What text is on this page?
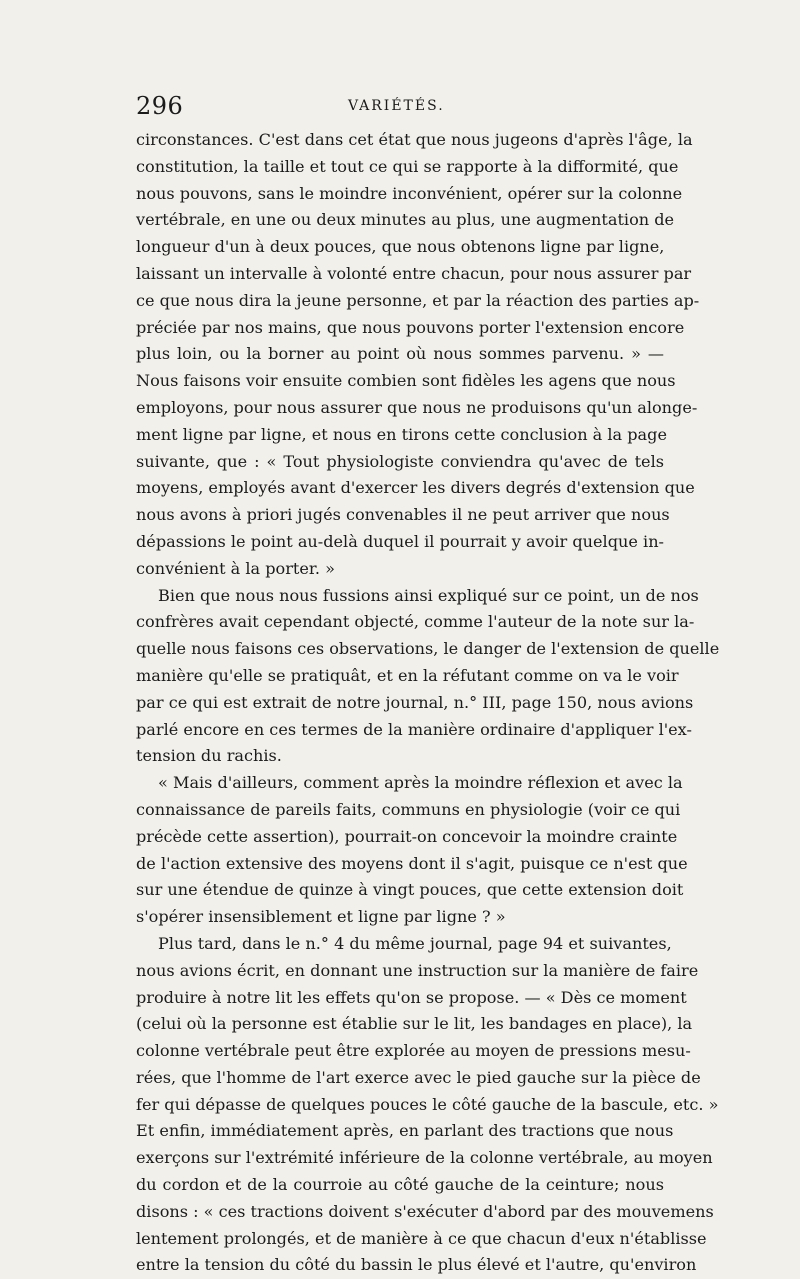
296	VARIÉTÉS.
circonstances. C'est dans cet état que nous jugeons d'après l'âge, la
constitution, la taille et tout ce qui se rapporte à la difformité, que
nous pouvons, sans le moindre inconvénient, opérer sur la colonne
vertébrale, en une ou deux minutes au plus, une augmentation de
longueur d'un à deux pouces, que nous obtenons ligne par ligne,
laissant un intervalle à volonté entre chacun, pour nous assurer par
ce que nous dira la jeune personne, et par la réaction des parties ap-
préciée par nos mains, que nous pouvons porter l'extension encore
plus loin, ou la borner au point où nous sommes parvenu. » —
Nous faisons voir ensuite combien sont fidèles les agens que nous
employons, pour nous assurer que nous ne produisons qu'un alonge-
ment ligne par ligne, et nous en tirons cette conclusion à la page
suivante, que : « Tout physiologiste conviendra qu'avec de tels
moyens, employés avant d'exercer les divers degrés d'extension que
nous avons à priori jugés convenables il ne peut arriver que nous
dépassions le point au-delà duquel il pourrait y avoir quelque in-
convénient à la porter. »
Bien que nous nous fussions ainsi expliqué sur ce point, un de nos
confrères avait cependant objecté, comme l'auteur de la note sur la-
quelle nous faisons ces observations, le danger de l'extension de quelle
manière qu'elle se pratiquât, et en la réfutant comme on va le voir
par ce qui est extrait de notre journal, n.° III, page 150, nous avions
parlé encore en ces termes de la manière ordinaire d'appliquer l'ex-
tension du rachis.
« Mais d'ailleurs, comment après la moindre réflexion et avec la
connaissance de pareils faits, communs en physiologie (voir ce qui
précède cette assertion), pourrait-on concevoir la moindre crainte
de l'action extensive des moyens dont il s'agit, puisque ce n'est que
sur une étendue de quinze à vingt pouces, que cette extension doit
s'opérer insensiblement et ligne par ligne ? »
Plus tard, dans le n.° 4 du même journal, page 94 et suivantes,
nous avions écrit, en donnant une instruction sur la manière de faire
produire à notre lit les effets qu'on se propose. — « Dès ce moment
(celui où la personne est établie sur le lit, les bandages en place), la
colonne vertébrale peut être explorée au moyen de pressions mesu-
rées, que l'homme de l'art exerce avec le pied gauche sur la pièce de
fer qui dépasse de quelques pouces le côté gauche de la bascule, etc. »
Et enfin, immédiatement après, en parlant des tractions que nous
exerçons sur l'extrémité inférieure de la colonne vertébrale, au moyen
du cordon et de la courroie au côté gauche de la ceinture; nous
disons : « ces tractions doivent s'exécuter d'abord par des mouvemens
lentement prolongés, et de manière à ce que chacun d'eux n'établisse
entre la tension du côté du bassin le plus élevé et l'autre, qu'environ
